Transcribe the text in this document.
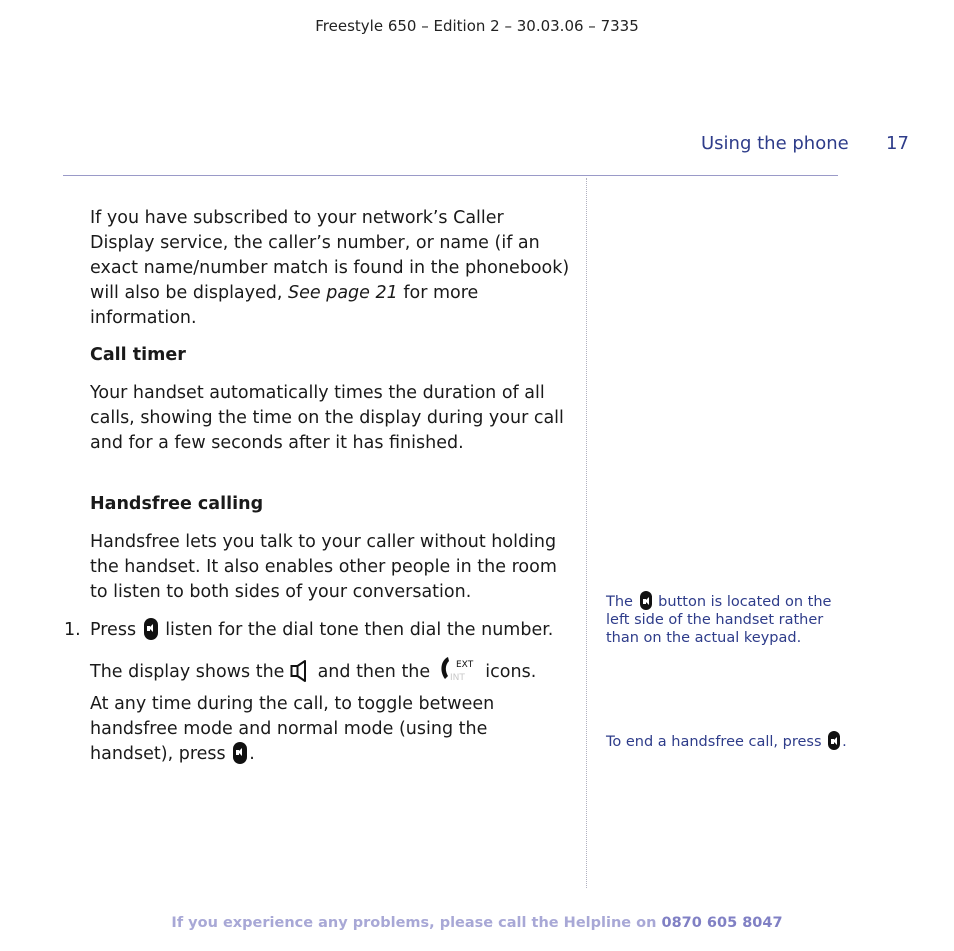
Freestyle 650 – Edition 2 – 30.03.06 – 7335
Using the phone 17
If you have subscribed to your network’s Caller Display service, the caller’s number, or name (if an exact name/number match is found in the phonebook) will also be displayed, See page 21 for more information.
Call timer
Your handset automatically times the duration of all calls, showing the time on the display during your call and for a few seconds after it has finished.
Handsfree calling
Handsfree lets you talk to your caller without holding the handset. It also enables other people in the room to listen to both sides of your conversation.
1. Press  listen for the dial tone then dial the number.
The display shows the  and then the EXT
INT icons.
At any time during the call, to toggle between handsfree mode and normal mode (using the handset), press .
The  button is located on the left side of the handset rather than on the actual keypad.
To end a handsfree call, press .
If you experience any problems, please call the Helpline on 0870 605 8047
